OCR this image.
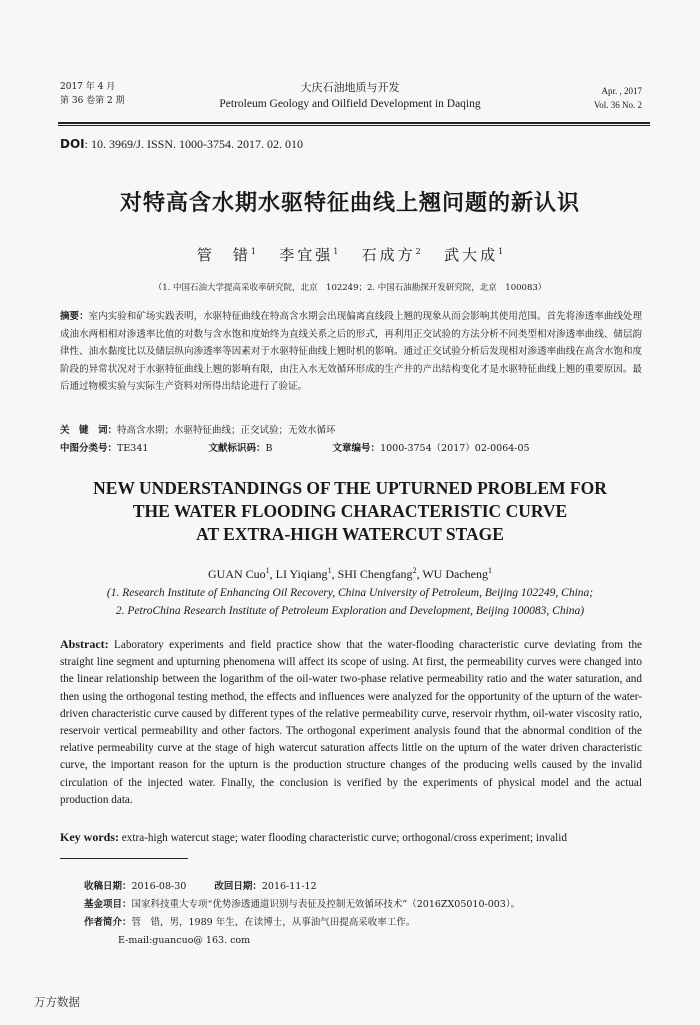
2017 年 4 月
第 36 卷第 2 期
大庆石油地质与开发
Petroleum Geology and Oilfield Development in Daqing
Apr. , 2017
Vol. 36 No. 2
DOI: 10. 3969/J. ISSN. 1000-3754. 2017. 02. 010
对特高含水期水驱特征曲线上翘问题的新认识
管　错$^1$ 李宜强$^1$ 石成方$^2$ 武大成$^1$
（1. 中国石油大学提高采收率研究院，北京　102249；2. 中国石油勘探开发研究院，北京　100083）
摘要：室内实验和矿场实践表明，水驱特征曲线在特高含水期会出现偏离直线段上翘的现象从而会影响其使用范围。首先将渗透率曲线处理成油水两相相对渗透率比值的对数与含水饱和度始终为直线关系之后的形式，再利用正交试验的方法分析不同类型相对渗透率曲线、储层韵律性、油水黏度比以及储层纵向渗透率等因素对于水驱特征曲线上翘时机的影响。通过正交试验分析后发现相对渗透率曲线在高含水饱和度阶段的异常状况对于水驱特征曲线上翘的影响有限，由注入水无效循环形成的生产井的产出结构变化才是水驱特征曲线上翘的重要原因。最后通过物模实验与实际生产资料对所得出结论进行了验证。
关　键　词：特高含水期；水驱特征曲线；正交试验；无效水循环
中图分类号：TE341	文献标识码：B	文章编号：1000-3754（2017）02-0064-05
NEW UNDERSTANDINGS OF THE UPTURNED PROBLEM FOR
THE WATER FLOODING CHARACTERISTIC CURVE
AT EXTRA-HIGH WATERCUT STAGE
GUAN Cuo$^1$, LI Yiqiang$^1$, SHI Chengfang$^2$, WU Dacheng$^1$
(1. Research Institute of Enhancing Oil Recovery, China University of Petroleum, Beijing 102249, China;
2. PetroChina Research Institute of Petroleum Exploration and Development, Beijing 100083, China)
Abstract: Laboratory experiments and field practice show that the water-flooding characteristic curve deviating from the straight line segment and upturning phenomena will affect its scope of using. At first, the permeability curves were changed into the linear relationship between the logarithm of the oil-water two-phase relative permeability ratio and the water saturation, and then using the orthogonal testing method, the effects and influences were analyzed for the opportunity of the upturn of the water-driven characteristic curve caused by different types of the relative permeability curve, reservoir rhythm, oil-water viscosity ratio, reservoir vertical permeability and other factors. The orthogonal experiment analysis found that the abnormal condition of the relative permeability curve at the stage of high watercut saturation affects little on the upturn of the water driven characteristic curve, the important reason for the upturn is the production structure changes of the producing wells caused by the invalid circulation of the injected water. Finally, the conclusion is verified by the experiments of physical model and the actual production data.
Key words: extra-high watercut stage; water flooding characteristic curve; orthogonal/cross experiment; invalid
收稿日期：2016-08-30	改回日期：2016-11-12
基金项目：国家科技重大专项“优势渗透通道识别与表征及控制无效循环技术”（2016ZX05010-003）。
作者简介：管　错，男，1989 年生，在读博士，从事油气田提高采收率工作。
E-mail:guancuo@ 163. com
万方数据
